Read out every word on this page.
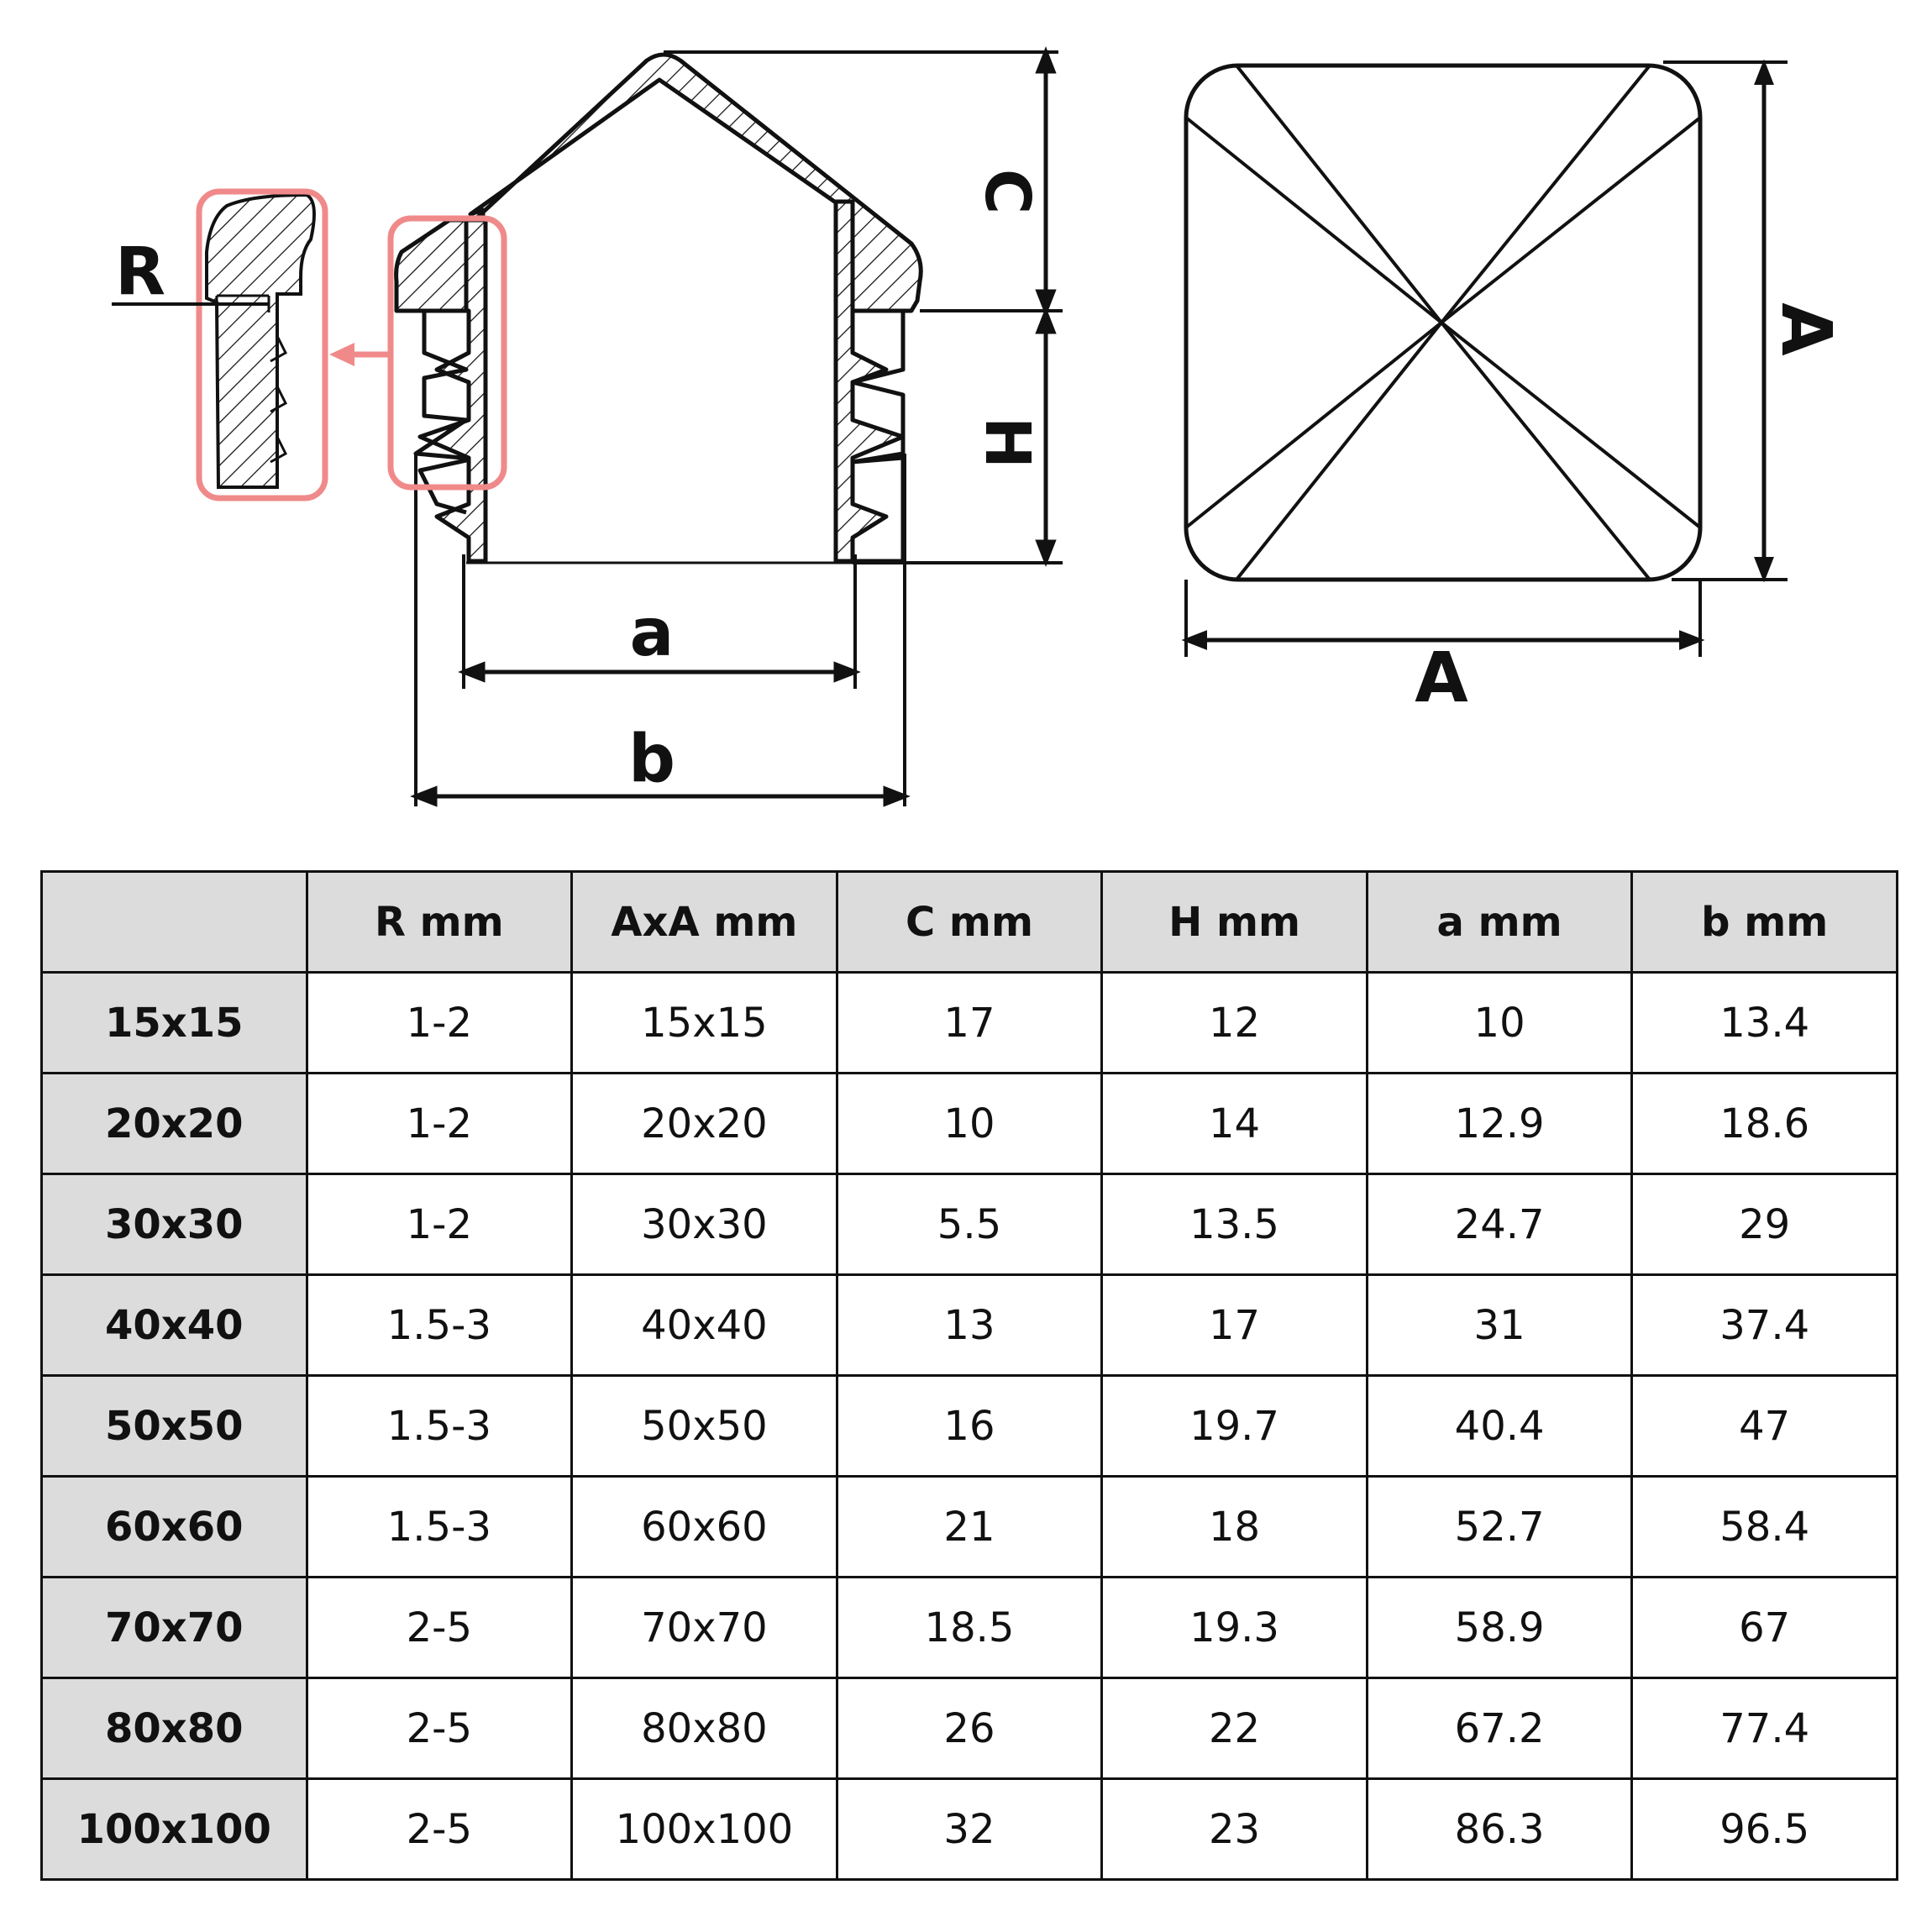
C
H
a
b
R
A
A
	R mm	AxA mm	C mm	H mm	a mm	b mm
15x15	1-2	15x15	17	12	10	13.4
20x20	1-2	20x20	10	14	12.9	18.6
30x30	1-2	30x30	5.5	13.5	24.7	29
40x40	1.5-3	40x40	13	17	31	37.4
50x50	1.5-3	50x50	16	19.7	40.4	47
60x60	1.5-3	60x60	21	18	52.7	58.4
70x70	2-5	70x70	18.5	19.3	58.9	67
80x80	2-5	80x80	26	22	67.2	77.4
100x100	2-5	100x100	32	23	86.3	96.5
